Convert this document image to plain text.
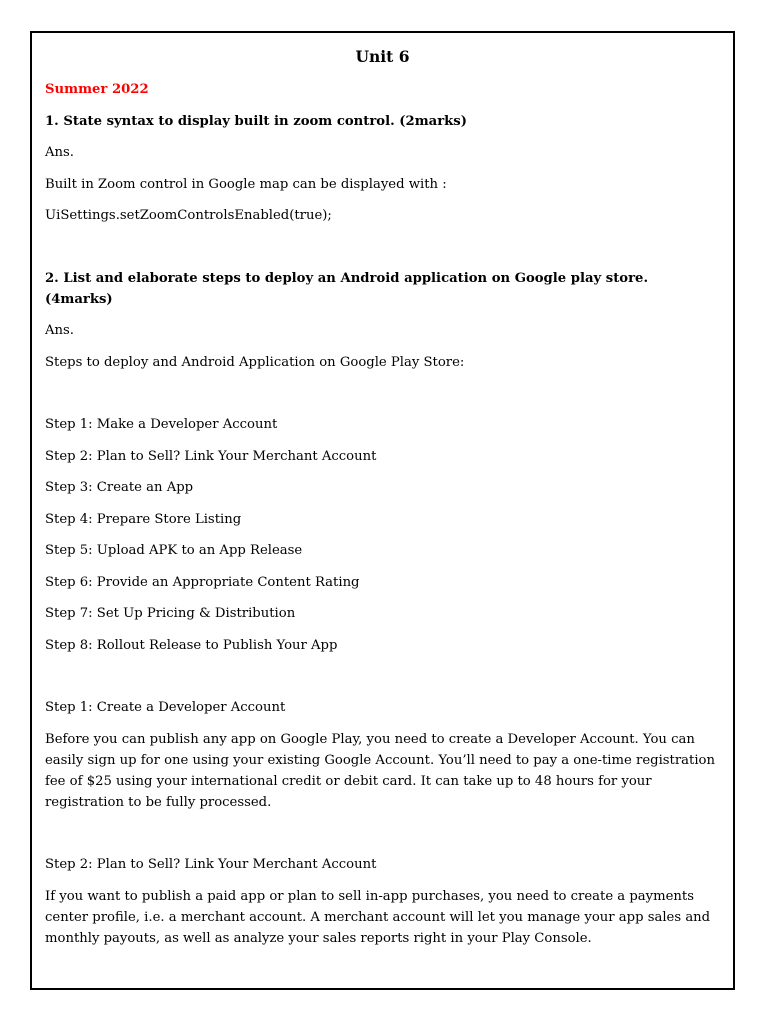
Unit 6
Summer 2022
1. State syntax to display built in zoom control. (2marks)
Ans.
Built in Zoom control in Google map can be displayed with :
UiSettings.setZoomControlsEnabled(true);
2. List and elaborate steps to deploy an Android application on Google play store. (4marks)
Ans.
Steps to deploy and Android Application on Google Play Store:
Step 1: Make a Developer Account
Step 2: Plan to Sell? Link Your Merchant Account
Step 3: Create an App
Step 4: Prepare Store Listing
Step 5: Upload APK to an App Release
Step 6: Provide an Appropriate Content Rating
Step 7: Set Up Pricing & Distribution
Step 8: Rollout Release to Publish Your App
Step 1: Create a Developer Account
Before you can publish any app on Google Play, you need to create a Developer Account. You can easily sign up for one using your existing Google Account. You’ll need to pay a one-time registration fee of $25 using your international credit or debit card. It can take up to 48 hours for your registration to be fully processed.
Step 2: Plan to Sell? Link Your Merchant Account
If you want to publish a paid app or plan to sell in-app purchases, you need to create a payments center profile, i.e. a merchant account. A merchant account will let you manage your app sales and monthly payouts, as well as analyze your sales reports right in your Play Console.
